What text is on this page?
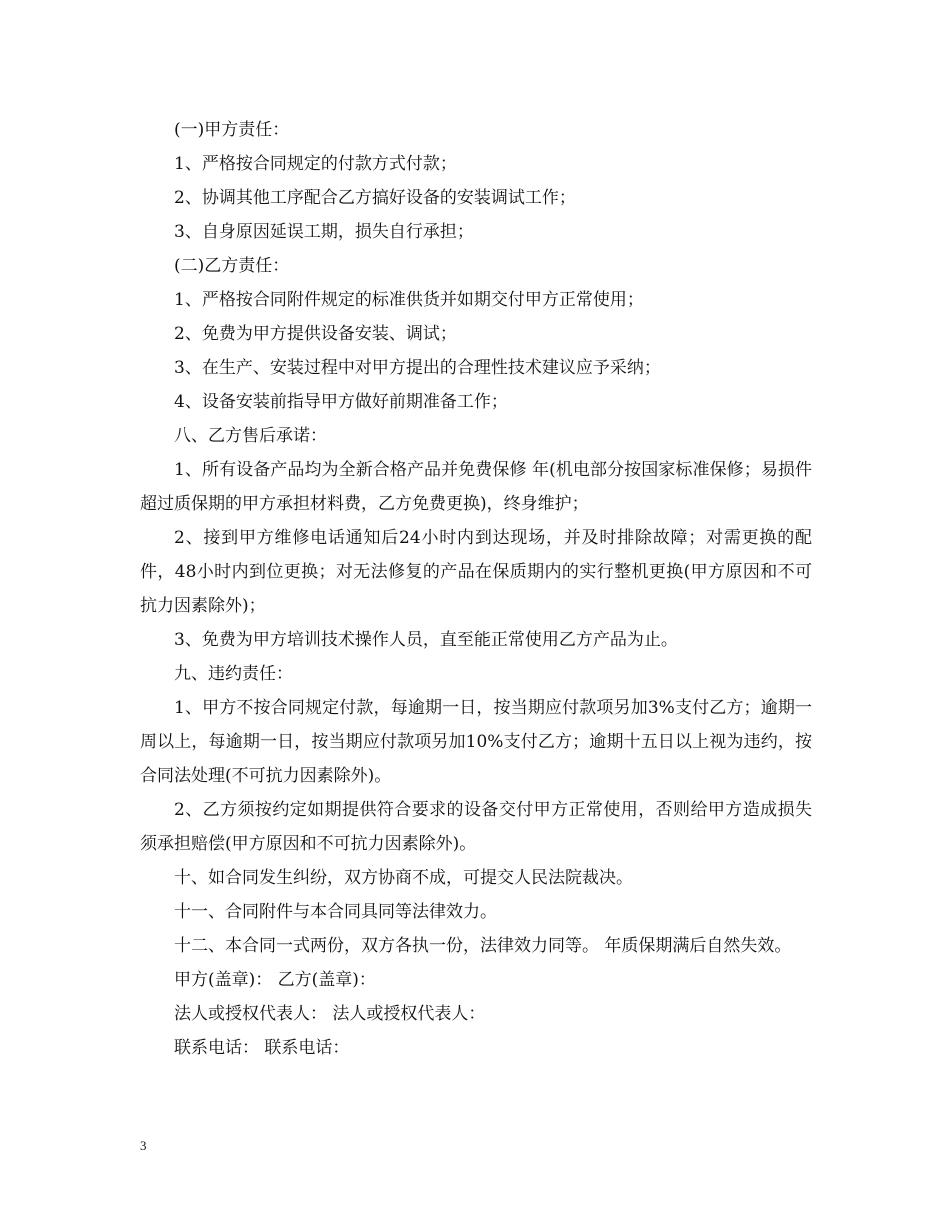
(一)甲方责任：

1、严格按合同规定的付款方式付款；

2、协调其他工序配合乙方搞好设备的安装调试工作；

3、自身原因延误工期，损失自行承担；

(二)乙方责任：

1、严格按合同附件规定的标准供货并如期交付甲方正常使用；

2、免费为甲方提供设备安装、调试；

3、在生产、安装过程中对甲方提出的合理性技术建议应予采纳；

4、设备安装前指导甲方做好前期准备工作；

八、乙方售后承诺：

1、所有设备产品均为全新合格产品并免费保修 年(机电部分按国家标准保修；易损件超过质保期的甲方承担材料费，乙方免费更换)，终身维护；

2、接到甲方维修电话通知后24小时内到达现场，并及时排除故障；对需更换的配件，48小时内到位更换；对无法修复的产品在保质期内的实行整机更换(甲方原因和不可抗力因素除外)；

3、免费为甲方培训技术操作人员，直至能正常使用乙方产品为止。

九、违约责任：

1、甲方不按合同规定付款，每逾期一日，按当期应付款项另加3%支付乙方；逾期一周以上，每逾期一日，按当期应付款项另加10%支付乙方；逾期十五日以上视为违约，按合同法处理(不可抗力因素除外)。

2、乙方须按约定如期提供符合要求的设备交付甲方正常使用，否则给甲方造成损失须承担赔偿(甲方原因和不可抗力因素除外)。

十、如合同发生纠纷，双方协商不成，可提交人民法院裁决。

十一、合同附件与本合同具同等法律效力。

十二、本合同一式两份，双方各执一份，法律效力同等。 年质保期满后自然失效。

甲方(盖章)： 乙方(盖章)：

法人或授权代表人： 法人或授权代表人：

联系电话： 联系电话：

3
